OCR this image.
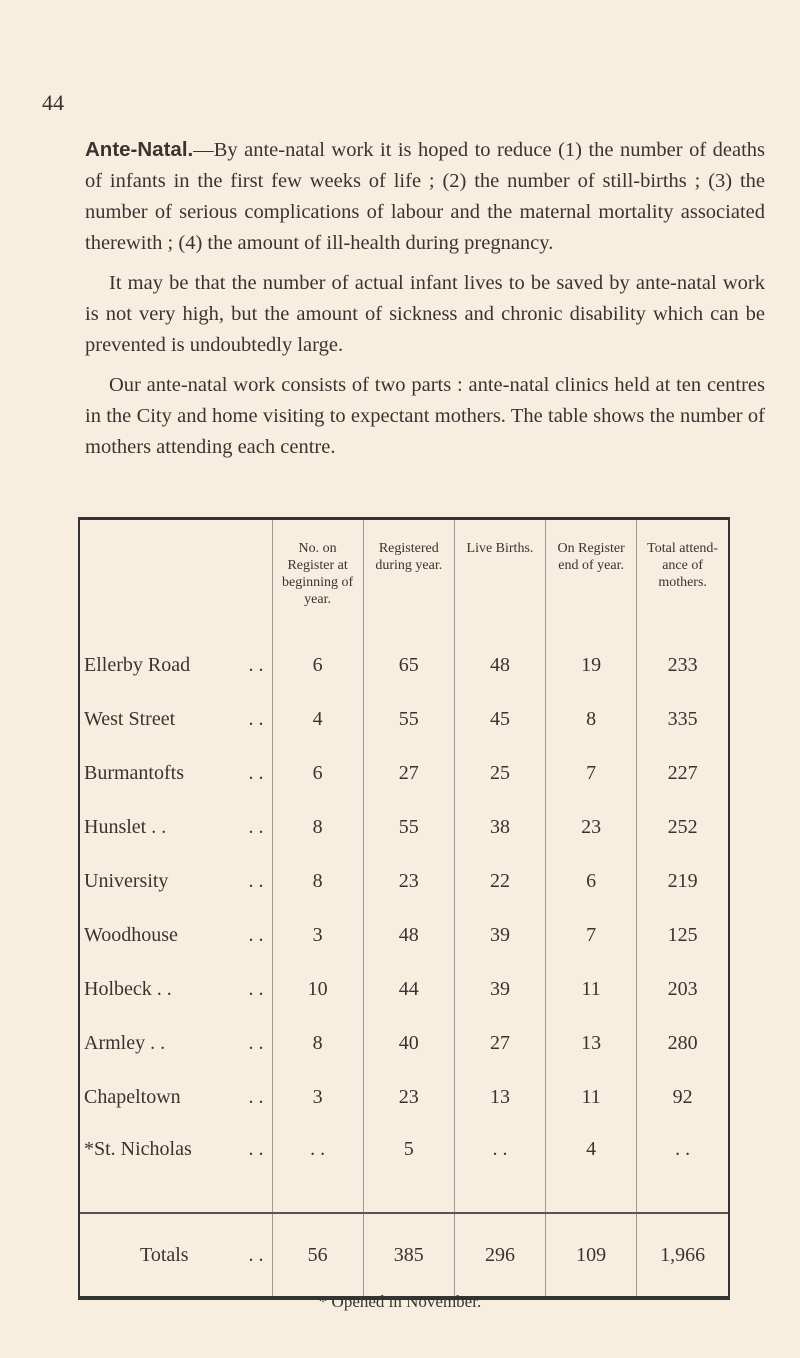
44

Ante-Natal.—By ante-natal work it is hoped to reduce (1) the number of deaths of infants in the first few weeks of life ; (2) the number of still-births ; (3) the number of serious complications of labour and the maternal mortality associated therewith ; (4) the amount of ill-health during pregnancy.

It may be that the number of actual infant lives to be saved by ante-natal work is not very high, but the amount of sickness and chronic disability which can be prevented is undoubtedly large.

Our ante-natal work consists of two parts : ante-natal clinics held at ten centres in the City and home visiting to expectant mothers. The table shows the number of mothers attending each centre.

	No. on Register at beginning of year.	Registered during year.	Live Births.	On Register end of year.	Total attend-ance of mothers.

. .
Ellerby Road	6	65	48	19	233

. .
West Street	4	55	45	8	335

. .
Burmantofts	6	27	25	7	227

. .
Hunslet . .	8	55	38	23	252

. .
University	8	23	22	6	219

. .
Woodhouse	3	48	39	7	125

. .
Holbeck . .	10	44	39	11	203

. .
Armley . .	8	40	27	13	280

. .
Chapeltown	3	23	13	11	92

. .
*St. Nicholas	. .	5	. .	4	. .

. .
Totals	56	385	296	109	1,966
* Opened in November.
